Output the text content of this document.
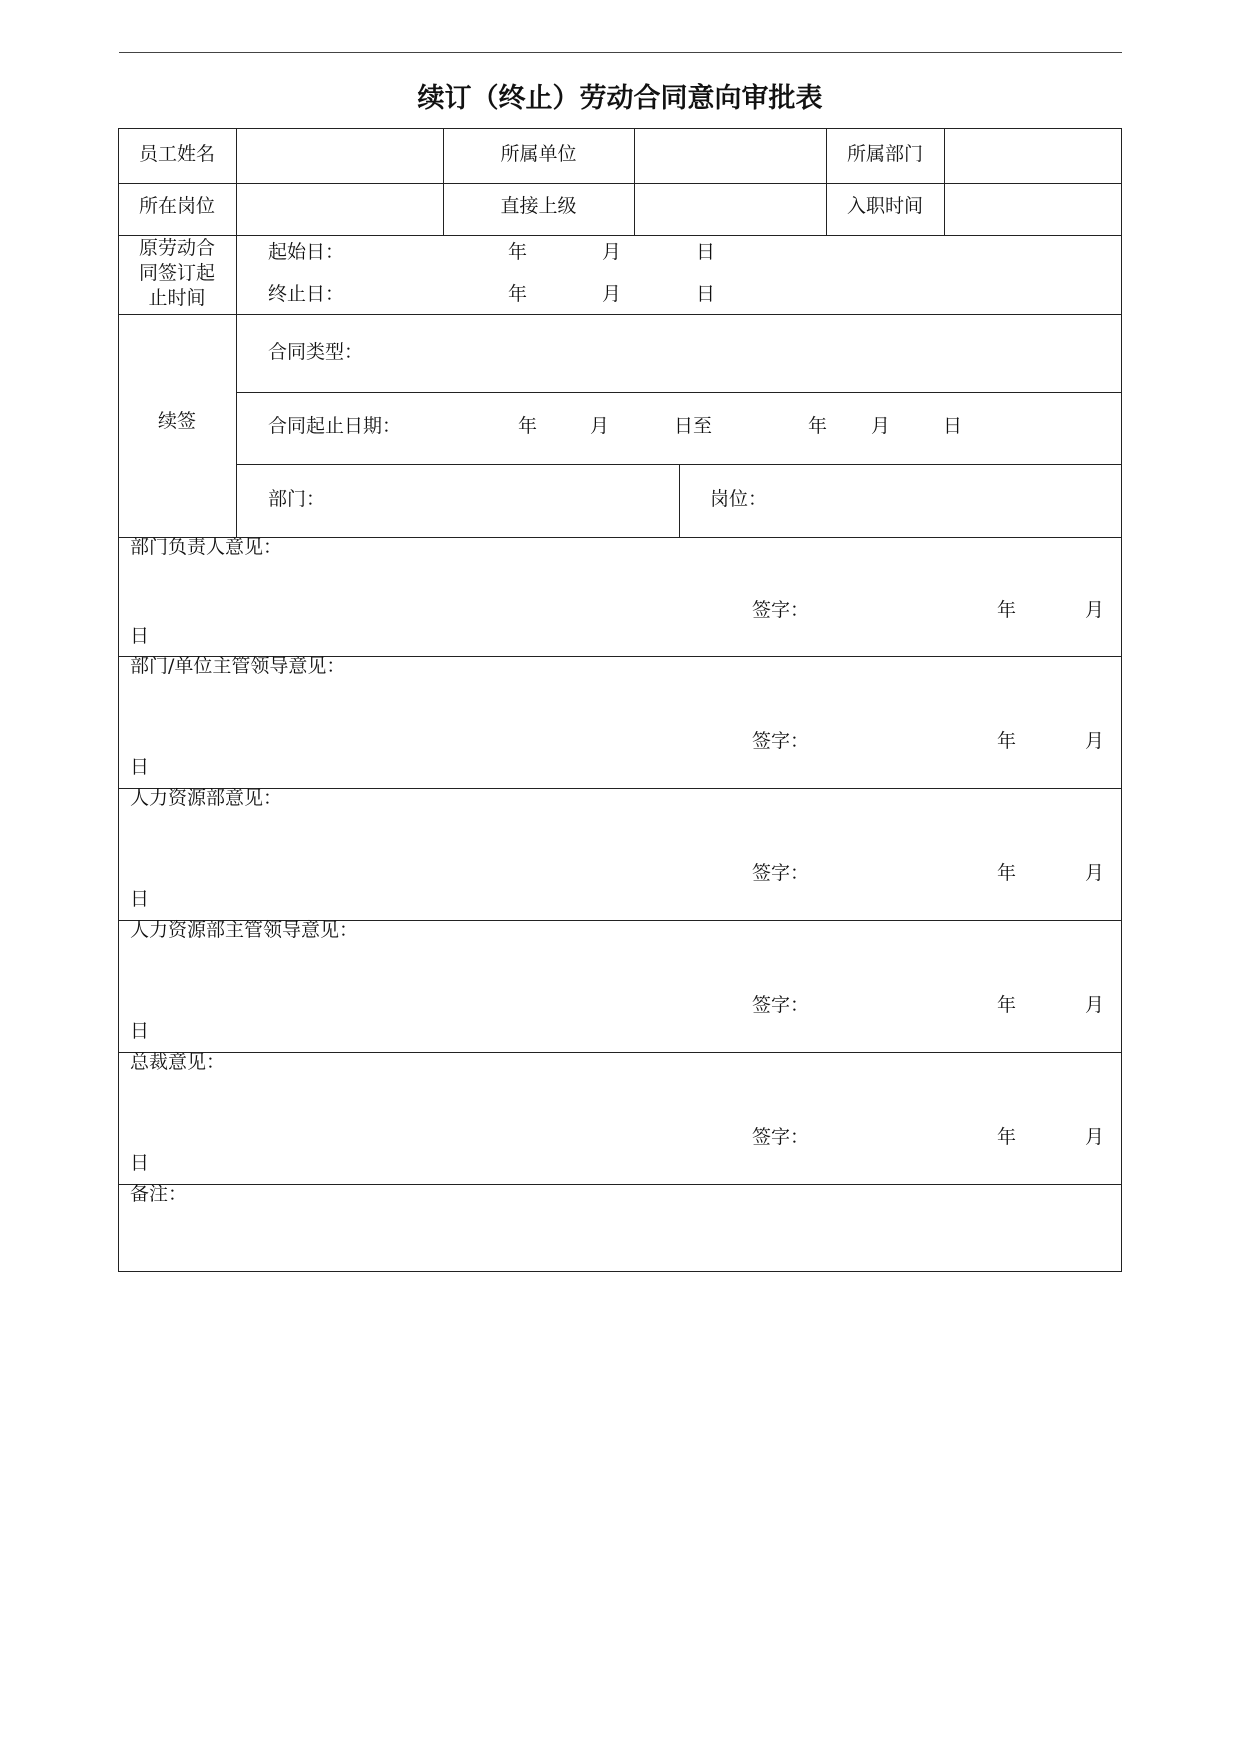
续订（终止）劳动合同意向审批表
员工姓名	所属单位	所属部门
所在岗位	直接上级	入职时间
原劳动合
同签订起
止时间
起始日：	年	月	日
终止日：	年	月	日
续签
合同类型：
合同起止日期：	年	月	日至	年 月	日
部门：	岗位：
部门负责人意见：
签字：	年	月
日
部门/单位主管领导意见：
签字：	年	月
日
人力资源部意见：
签字：	年	月
日
人力资源部主管领导意见：
签字：	年	月
日
总裁意见：
签字：	年	月
日
备注：
